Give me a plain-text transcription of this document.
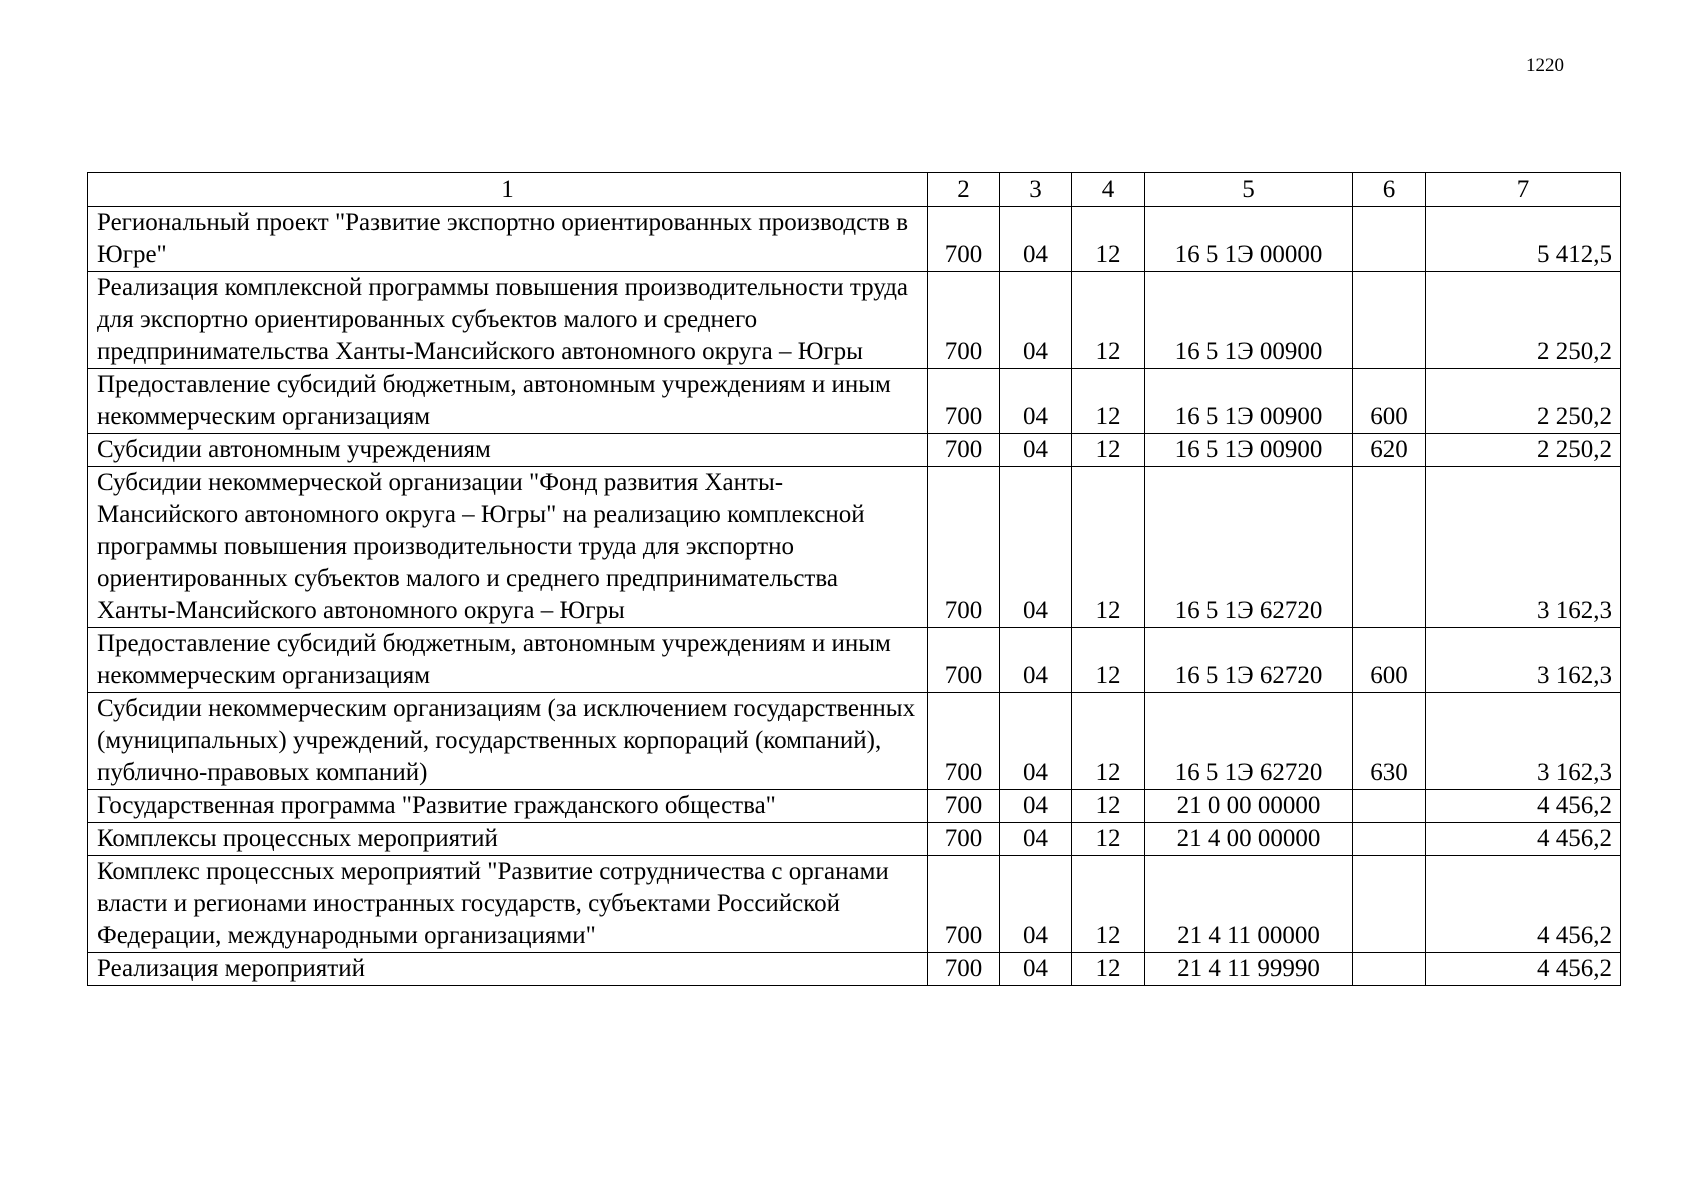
1220
1	2	3	4	5	6	7
Региональный проект "Развитие экспортно ориентированных производств в Югре"	700	04	12	16 5 1Э 00000		5 412,5
Реализация комплексной программы повышения производительности труда для экспортно ориентированных субъектов малого и среднего предпринимательства Ханты-Мансийского автономного округа – Югры	700	04	12	16 5 1Э 00900		2 250,2
Предоставление субсидий бюджетным, автономным учреждениям и иным некоммерческим организациям	700	04	12	16 5 1Э 00900	600	2 250,2
Субсидии автономным учреждениям	700	04	12	16 5 1Э 00900	620	2 250,2
Субсидии некоммерческой организации "Фонд развития Ханты-Мансийского автономного округа – Югры" на реализацию комплексной программы повышения производительности труда для экспортно ориентированных субъектов малого и среднего предпринимательства Ханты-Мансийского автономного округа – Югры	700	04	12	16 5 1Э 62720		3 162,3
Предоставление субсидий бюджетным, автономным учреждениям и иным некоммерческим организациям	700	04	12	16 5 1Э 62720	600	3 162,3
Субсидии некоммерческим организациям (за исключением государственных (муниципальных) учреждений, государственных корпораций (компаний), публично-правовых компаний)	700	04	12	16 5 1Э 62720	630	3 162,3
Государственная программа "Развитие гражданского общества"	700	04	12	21 0 00 00000		4 456,2
Комплексы процессных мероприятий	700	04	12	21 4 00 00000		4 456,2
Комплекс процессных мероприятий "Развитие сотрудничества с органами власти и регионами иностранных государств, субъектами Российской Федерации, международными организациями"	700	04	12	21 4 11 00000		4 456,2
Реализация мероприятий	700	04	12	21 4 11 99990		4 456,2
